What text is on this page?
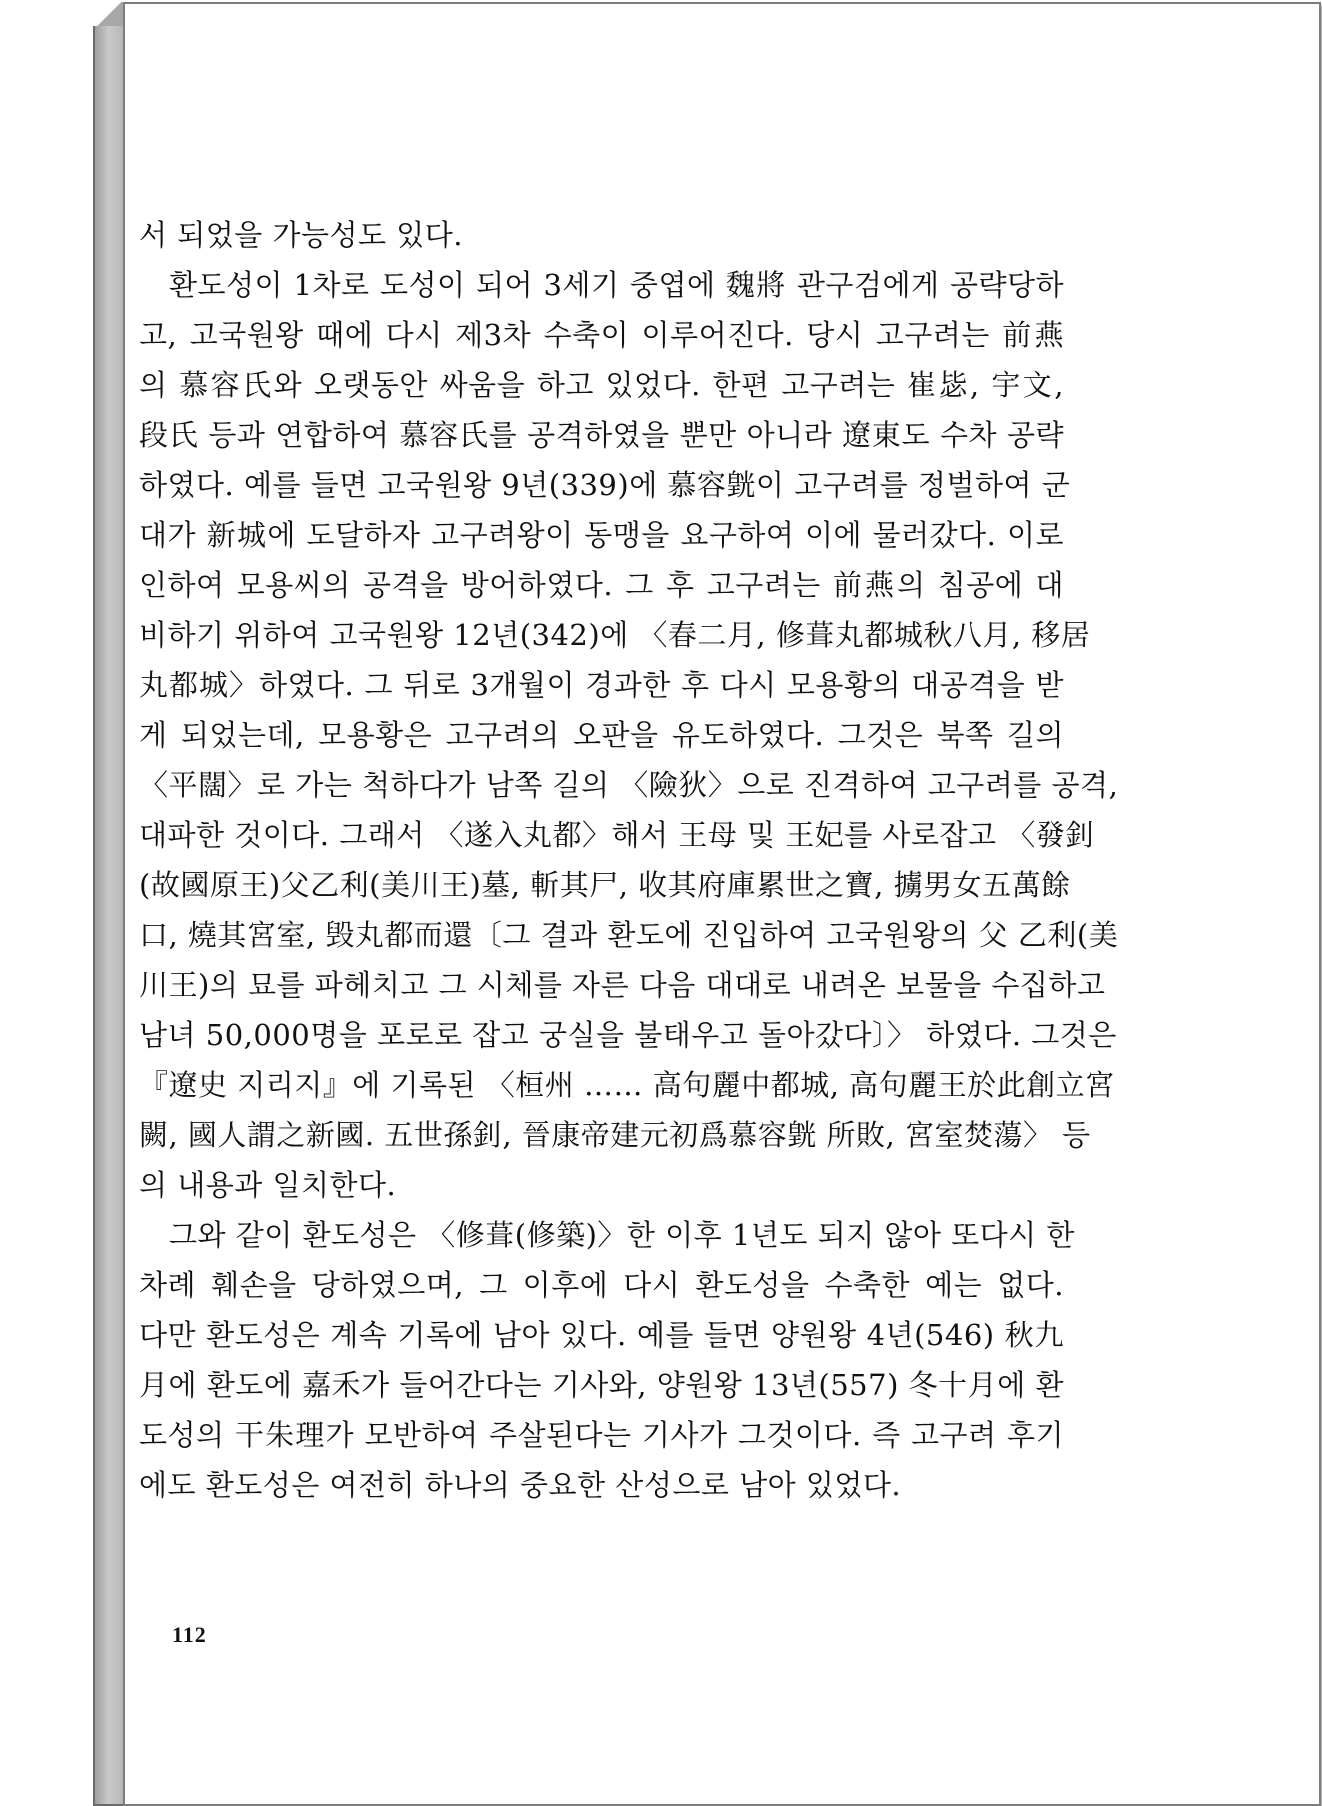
서 되었을 가능성도 있다.
환도성이 1차로 도성이 되어 3세기 중엽에 魏將 관구검에게 공략당하
고, 고국원왕 때에 다시 제3차 수축이 이루어진다. 당시 고구려는 前燕
의 慕容氏와 오랫동안 싸움을 하고 있었다. 한편 고구려는 崔毖, 宇文,
段氏 등과 연합하여 慕容氏를 공격하였을 뿐만 아니라 遼東도 수차 공략
하였다. 예를 들면 고국원왕 9년(339)에 慕容皝이 고구려를 정벌하여 군
대가 新城에 도달하자 고구려왕이 동맹을 요구하여 이에 물러갔다. 이로
인하여 모용씨의 공격을 방어하였다. 그 후 고구려는 前燕의 침공에 대
비하기 위하여 고국원왕 12년(342)에 〈春二月, 修葺丸都城秋八月, 移居
丸都城〉하였다. 그 뒤로 3개월이 경과한 후 다시 모용황의 대공격을 받
게 되었는데, 모용황은 고구려의 오판을 유도하였다. 그것은 북쪽 길의
〈平闊〉로 가는 척하다가 남쪽 길의 〈險狄〉으로 진격하여 고구려를 공격,
대파한 것이다. 그래서 〈遂入丸都〉해서 王母 및 王妃를 사로잡고 〈發釗
(故國原王)父乙利(美川王)墓, 斬其尸, 收其府庫累世之寶, 擄男女五萬餘
口, 燒其宮室, 毁丸都而還〔그 결과 환도에 진입하여 고국원왕의 父 乙利(美
川王)의 묘를 파헤치고 그 시체를 자른 다음 대대로 내려온 보물을 수집하고
남녀 50,000명을 포로로 잡고 궁실을 불태우고 돌아갔다〕〉 하였다. 그것은
『遼史 지리지』에 기록된 〈桓州 …… 高句麗中都城, 高句麗王於此創立宮
闕, 國人謂之新國. 五世孫釗, 晉康帝建元初爲慕容皝 所敗, 宮室焚蕩〉 등
의 내용과 일치한다.
그와 같이 환도성은 〈修葺(修築)〉한 이후 1년도 되지 않아 또다시 한
차례 훼손을 당하였으며, 그 이후에 다시 환도성을 수축한 예는 없다.
다만 환도성은 계속 기록에 남아 있다. 예를 들면 양원왕 4년(546) 秋九
月에 환도에 嘉禾가 들어간다는 기사와, 양원왕 13년(557) 冬十月에 환
도성의 干朱理가 모반하여 주살된다는 기사가 그것이다. 즉 고구려 후기
에도 환도성은 여전히 하나의 중요한 산성으로 남아 있었다.
112
